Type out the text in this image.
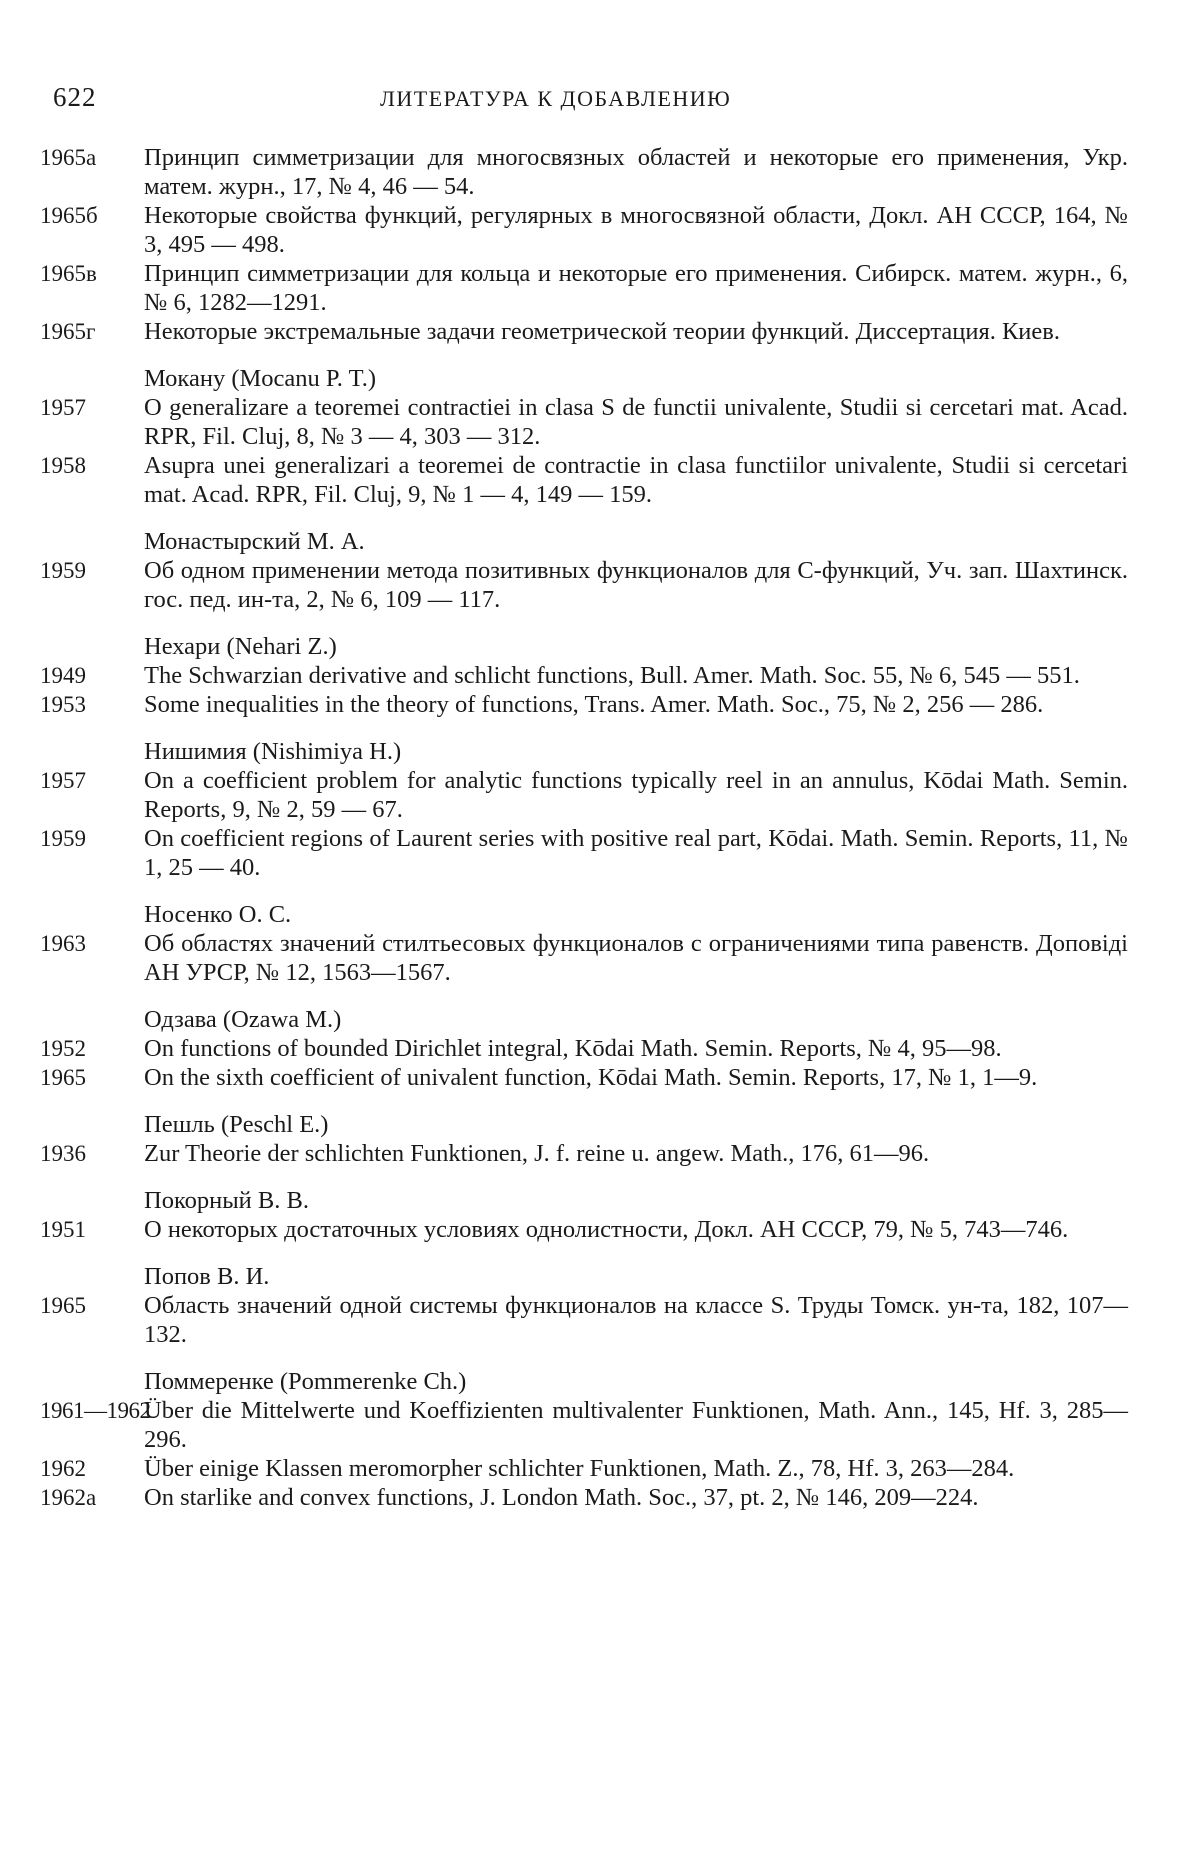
622	ЛИТЕРАТУРА К ДОБАВЛЕНИЮ
1965а	Принцип симметризации для многосвязных областей и некоторые его применения, Укр. матем. журн., 17, № 4, 46 — 54.
1965б	Некоторые свойства функций, регулярных в многосвязной области, Докл. АН СССР, 164, № 3, 495 — 498.
1965в	Принцип симметризации для кольца и некоторые его применения. Сибирск. матем. журн., 6, № 6, 1282—1291.
1965г	Некоторые экстремальные задачи геометрической теории функций. Диссертация. Киев.
Мокану (Mocanu P. T.)
1957	O generalizare a teoremei contractiei in clasa S de functii univalente, Studii si cercetari mat. Acad. RPR, Fil. Cluj, 8, № 3 — 4, 303 — 312.
1958	Asupra unei generalizari a teoremei de contractie in clasa functiilor univalente, Studii si cercetari mat. Acad. RPR, Fil. Cluj, 9, № 1 — 4, 149 — 159.
Монастырский М. А.
1959	Об одном применении метода позитивных функционалов для C-функций, Уч. зап. Шахтинск. гос. пед. ин-та, 2, № 6, 109 — 117.
Нехари (Nehari Z.)
1949	The Schwarzian derivative and schlicht functions, Bull. Amer. Math. Soc. 55, № 6, 545 — 551.
1953	Some inequalities in the theory of functions, Trans. Amer. Math. Soc., 75, № 2, 256 — 286.
Нишимия (Nishimiya H.)
1957	On a coefficient problem for analytic functions typically reel in an annulus, Kōdai Math. Semin. Reports, 9, № 2, 59 — 67.
1959	On coefficient regions of Laurent series with positive real part, Kōdai. Math. Semin. Reports, 11, № 1, 25 — 40.
Носенко О. С.
1963	Об областях значений стилтьесовых функционалов с ограничениями типа равенств. Доповіді АН УРСР, № 12, 1563—1567.
Одзава (Ozawa M.)
1952	On functions of bounded Dirichlet integral, Kōdai Math. Semin. Reports, № 4, 95—98.
1965	On the sixth coefficient of univalent function, Kōdai Math. Semin. Reports, 17, № 1, 1—9.
Пешль (Peschl E.)
1936	Zur Theorie der schlichten Funktionen, J. f. reine u. angew. Math., 176, 61—96.
Покорный В. В.
1951	О некоторых достаточных условиях однолистности, Докл. АН СССР, 79, № 5, 743—746.
Попов В. И.
1965	Область значений одной системы функционалов на классе S. Труды Томск. ун-та, 182, 107—132.
Поммеренке (Pommerenke Ch.)
1961—1962
Über die Mittelwerte und Koeffizienten multivalenter Funktionen, Math. Ann., 145, Hf. 3, 285—296.
1962	Über einige Klassen meromorpher schlichter Funktionen, Math. Z., 78, Hf. 3, 263—284.
1962а	On starlike and convex functions, J. London Math. Soc., 37, pt. 2, № 146, 209—224.
